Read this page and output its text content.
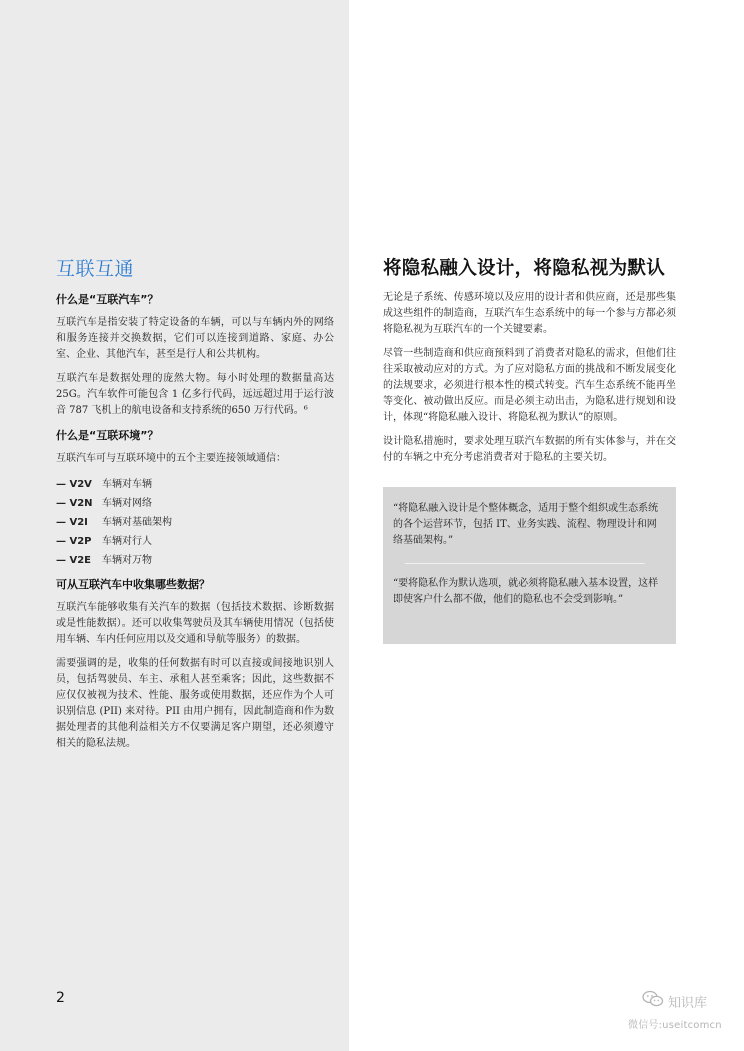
互联互通
什么是“互联汽车”？

互联汽车是指安装了特定设备的车辆，可以与车辆内外的网络和服务连接并交换数据，它们可以连接到道路、家庭、办公室、企业、其他汽车，甚至是行人和公共机构。

互联汽车是数据处理的庞然大物。每小时处理的数据量高达 25G。汽车软件可能包含 1 亿多行代码，远远超过用于运行波音 787 飞机上的航电设备和支持系统的650 万行代码。⁶

什么是“互联环境”？

互联汽车可与互联环境中的五个主要连接领域通信：

— V2V	车辆对车辆
— V2N 车辆对网络
— V2I	车辆对基础架构
— V2P	车辆对行人
— V2E	车辆对万物
可从互联汽车中收集哪些数据？

互联汽车能够收集有关汽车的数据（包括技术数据、诊断数据或是性能数据）。还可以收集驾驶员及其车辆使用情况（包括使用车辆、车内任何应用以及交通和导航等服务）的数据。

需要强调的是，收集的任何数据有时可以直接或间接地识别人员，包括驾驶员、车主、承租人甚至乘客；因此，这些数据不应仅仅被视为技术、性能、服务或使用数据，还应作为个人可识别信息 (PII) 来对待。PII 由用户拥有，因此制造商和作为数据处理者的其他利益相关方不仅要满足客户期望，还必须遵守相关的隐私法规。

2
将隐私融入设计，将隐私视为默认

无论是子系统、传感环境以及应用的设计者和供应商，还是那些集成这些组件的制造商，互联汽车生态系统中的每一个参与方都必须将隐私视为互联汽车的一个关键要素。

尽管一些制造商和供应商预料到了消费者对隐私的需求，但他们往往采取被动应对的方式。为了应对隐私方面的挑战和不断发展变化的法规要求，必须进行根本性的模式转变。汽车生态系统不能再坐等变化、被动做出反应。而是必须主动出击，为隐私进行规划和设计，体现“将隐私融入设计、将隐私视为默认”的原则。

设计隐私措施时，要求处理互联汽车数据的所有实体参与，并在交付的车辆之中充分考虑消费者对于隐私的主要关切。

“将隐私融入设计是个整体概念，适用于整个组织或生态系统的各个运营环节，包括 IT、业务实践、流程、物理设计和网络基础架构。”

“要将隐私作为默认选项，就必须将隐私融入基本设置，这样即使客户什么都不做，他们的隐私也不会受到影响。”

知识库
微信号:useitcomcn
